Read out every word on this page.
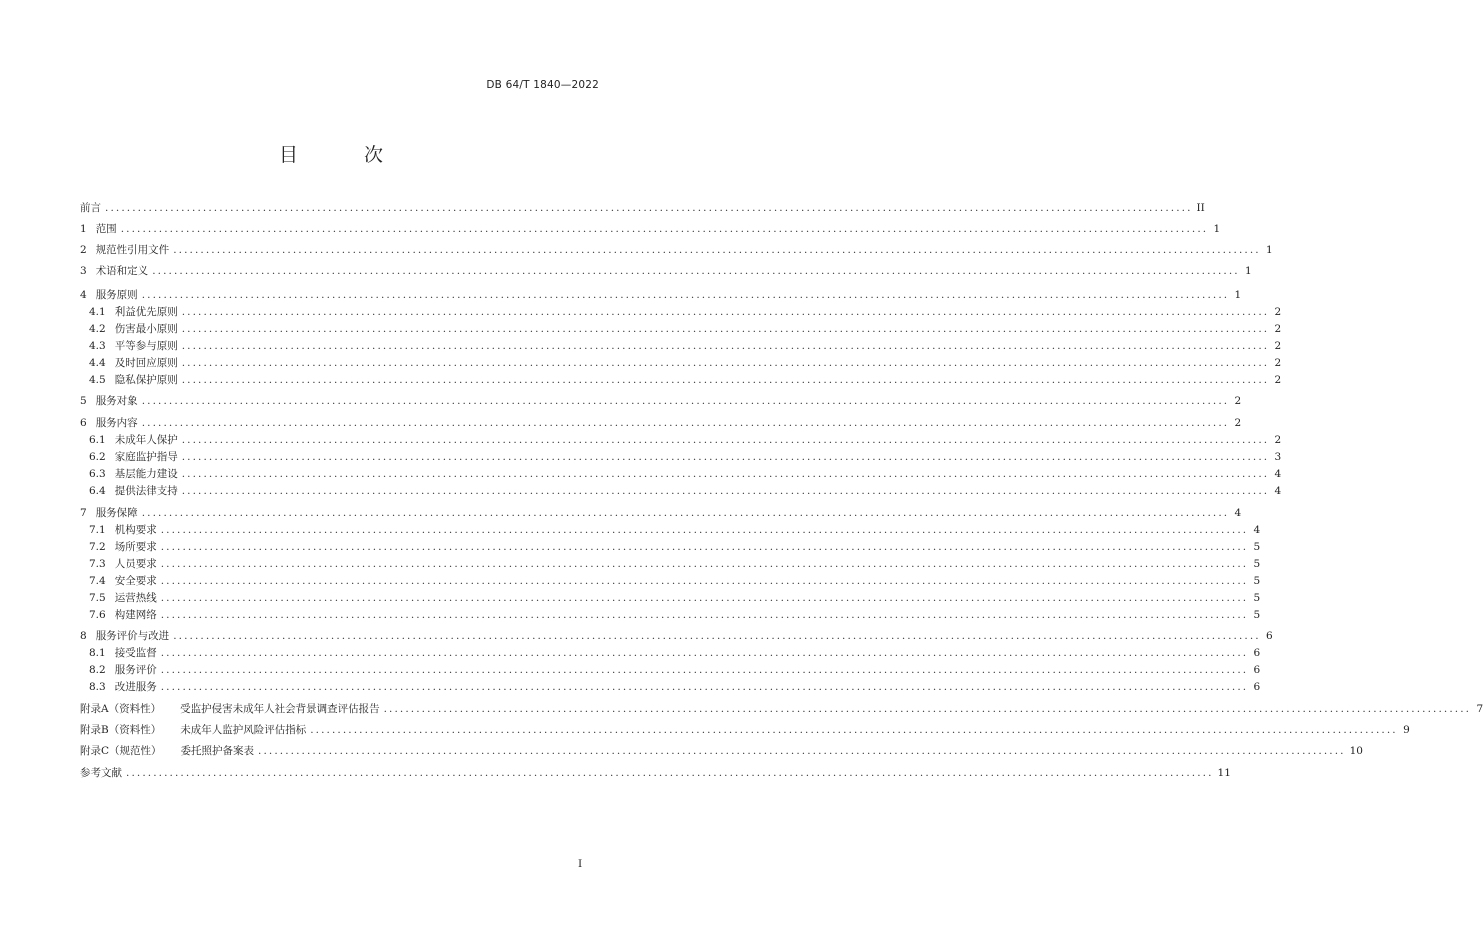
DB 64/T 1840—2022
目 次
前言 ........................................................................................................................................................................................................ II
1 范围 ........................................................................................................................................................................................................ 1
2 规范性引用文件 ........................................................................................................................................................................................................ 1
3 术语和定义 ........................................................................................................................................................................................................ 1
4 服务原则 ........................................................................................................................................................................................................ 1
4.1 利益优先原则 ........................................................................................................................................................................................................ 2
4.2 伤害最小原则 ........................................................................................................................................................................................................ 2
4.3 平等参与原则 ........................................................................................................................................................................................................ 2
4.4 及时回应原则 ........................................................................................................................................................................................................ 2
4.5 隐私保护原则 ........................................................................................................................................................................................................ 2
5 服务对象 ........................................................................................................................................................................................................ 2
6 服务内容 ........................................................................................................................................................................................................ 2
6.1 未成年人保护 ........................................................................................................................................................................................................ 2
6.2 家庭监护指导 ........................................................................................................................................................................................................ 3
6.3 基层能力建设 ........................................................................................................................................................................................................ 4
6.4 提供法律支持 ........................................................................................................................................................................................................ 4
7 服务保障 ........................................................................................................................................................................................................ 4
7.1 机构要求 ........................................................................................................................................................................................................ 4
7.2 场所要求 ........................................................................................................................................................................................................ 5
7.3 人员要求 ........................................................................................................................................................................................................ 5
7.4 安全要求 ........................................................................................................................................................................................................ 5
7.5 运营热线 ........................................................................................................................................................................................................ 5
7.6 构建网络 ........................................................................................................................................................................................................ 5
8 服务评价与改进 ........................................................................................................................................................................................................ 6
8.1 接受监督 ........................................................................................................................................................................................................ 6
8.2 服务评价 ........................................................................................................................................................................................................ 6
8.3 改进服务 ........................................................................................................................................................................................................ 6
附录A（资料性） 受监护侵害未成年人社会背景调查评估报告 ........................................................................................................................................................................................................ 7
附录B（资料性） 未成年人监护风险评估指标 ........................................................................................................................................................................................................ 9
附录C（规范性） 委托照护备案表 ........................................................................................................................................................................................................ 10
参考文献 ........................................................................................................................................................................................................ 11
I
